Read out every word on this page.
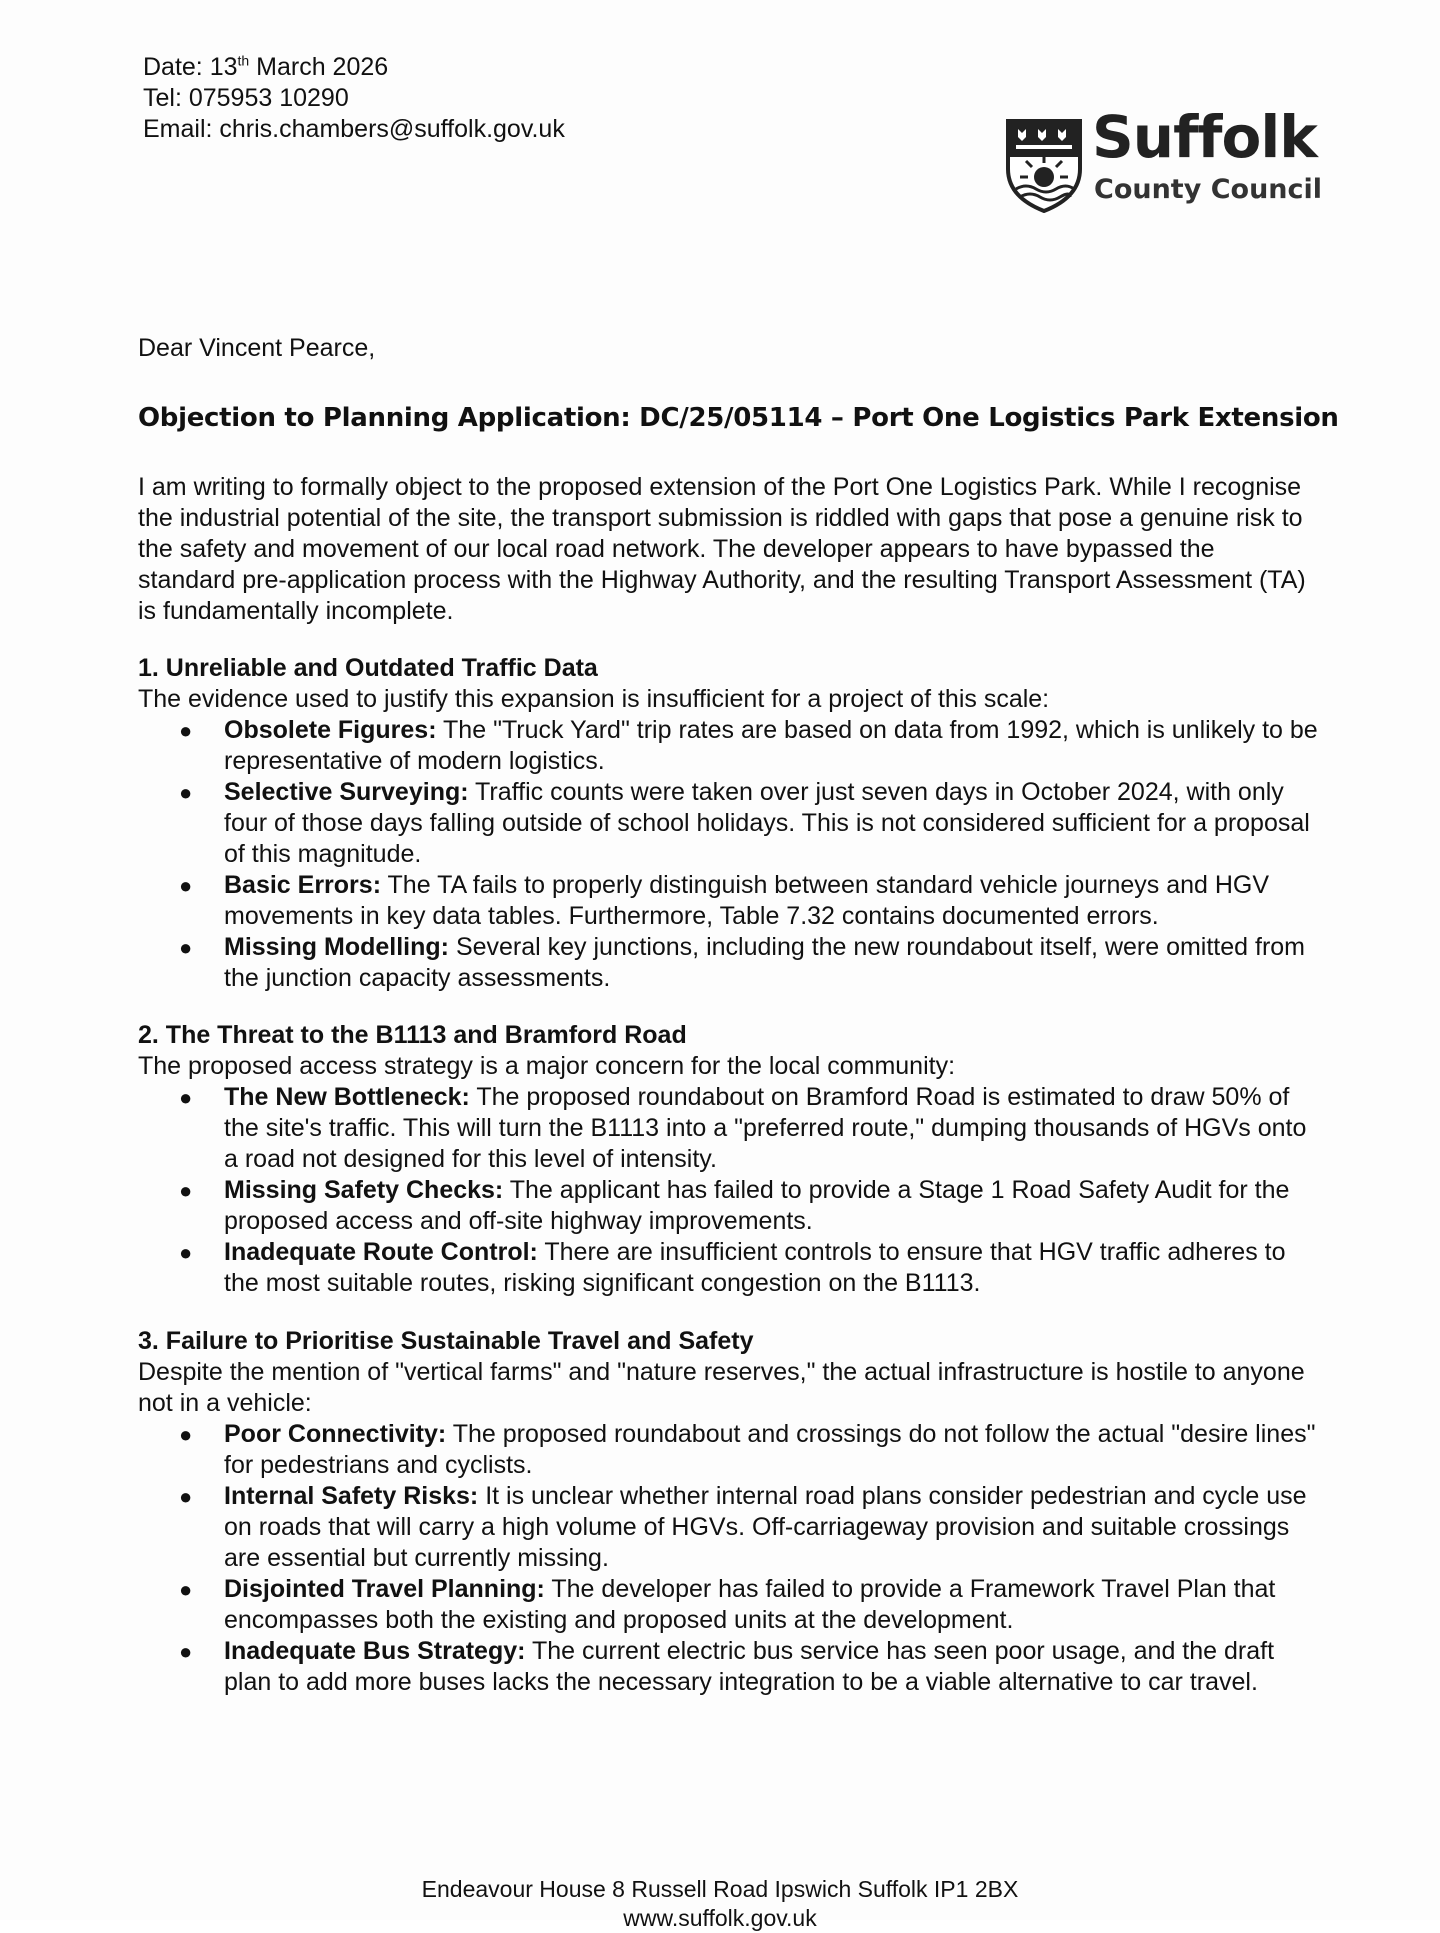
Date: 13th March 2026
Tel: 075953 10290
Email: chris.chambers@suffolk.gov.uk	Suffolk
County Council
Dear Vincent Pearce,
Objection to Planning Application: DC/25/05114 – Port One Logistics Park Extension
I am writing to formally object to the proposed extension of the Port One Logistics Park. While I recognise the industrial potential of the site, the transport submission is riddled with gaps that pose a genuine risk to the safety and movement of our local road network. The developer appears to have bypassed the standard pre-application process with the Highway Authority, and the resulting Transport Assessment (TA) is fundamentally incomplete.
1. Unreliable and Outdated Traffic Data

The evidence used to justify this expansion is insufficient for a project of this scale:

● Obsolete Figures: The "Truck Yard" trip rates are based on data from 1992, which is unlikely to be representative of modern logistics.
● Selective Surveying: Traffic counts were taken over just seven days in October 2024, with only four of those days falling outside of school holidays. This is not considered sufficient for a proposal of this magnitude.
● Basic Errors: The TA fails to properly distinguish between standard vehicle journeys and HGV movements in key data tables. Furthermore, Table 7.32 contains documented errors.
● Missing Modelling: Several key junctions, including the new roundabout itself, were omitted from the junction capacity assessments.
2. The Threat to the B1113 and Bramford Road

The proposed access strategy is a major concern for the local community:

● The New Bottleneck: The proposed roundabout on Bramford Road is estimated to draw 50% of the site's traffic. This will turn the B1113 into a "preferred route," dumping thousands of HGVs onto a road not designed for this level of intensity.
● Missing Safety Checks: The applicant has failed to provide a Stage 1 Road Safety Audit for the proposed access and off-site highway improvements.
● Inadequate Route Control: There are insufficient controls to ensure that HGV traffic adheres to the most suitable routes, risking significant congestion on the B1113.
3. Failure to Prioritise Sustainable Travel and Safety

Despite the mention of "vertical farms" and "nature reserves," the actual infrastructure is hostile to anyone not in a vehicle:

● Poor Connectivity: The proposed roundabout and crossings do not follow the actual "desire lines" for pedestrians and cyclists.
● Internal Safety Risks: It is unclear whether internal road plans consider pedestrian and cycle use on roads that will carry a high volume of HGVs. Off-carriageway provision and suitable crossings are essential but currently missing.
● Disjointed Travel Planning: The developer has failed to provide a Framework Travel Plan that encompasses both the existing and proposed units at the development.
● Inadequate Bus Strategy: The current electric bus service has seen poor usage, and the draft plan to add more buses lacks the necessary integration to be a viable alternative to car travel.
Endeavour House 8 Russell Road Ipswich Suffolk IP1 2BX
www.suffolk.gov.uk
